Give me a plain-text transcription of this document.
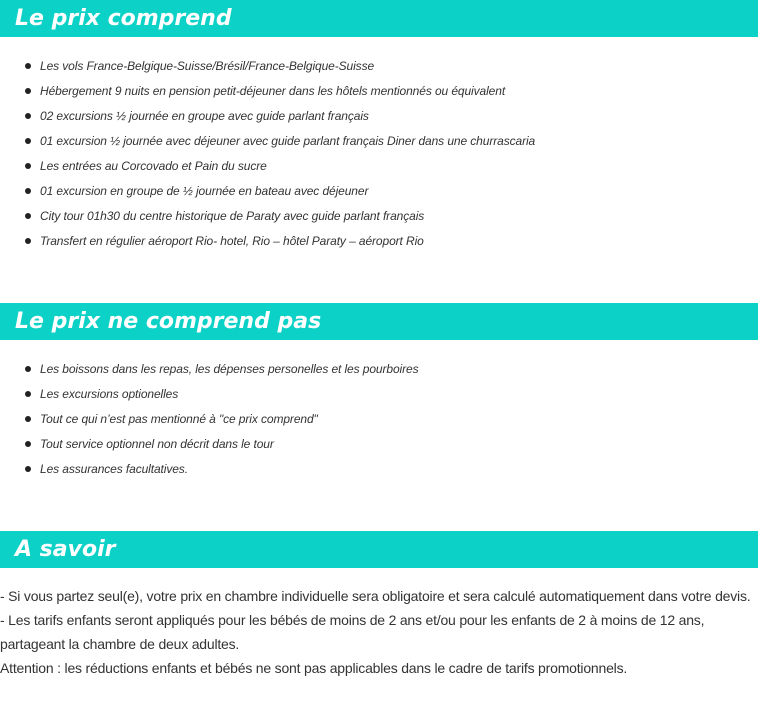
Le prix comprend
Les vols France-Belgique-Suisse/Brésil/France-Belgique-Suisse
Hébergement 9 nuits en pension petit-déjeuner dans les hôtels mentionnés ou équivalent
02 excursions ½ journée en groupe avec guide parlant français
01 excursion ½ journée avec déjeuner avec guide parlant français Diner dans une churrascaria
Les entrées au Corcovado et Pain du sucre
01 excursion en groupe de ½ journée en bateau avec déjeuner
City tour 01h30 du centre historique de Paraty avec guide parlant français
Transfert en régulier aéroport Rio- hotel, Rio – hôtel Paraty – aéroport Rio
Le prix ne comprend pas
Les boissons dans les repas, les dépenses personelles et les pourboires
Les excursions optionelles
Tout ce qui n’est pas mentionné à "ce prix comprend"
Tout service optionnel non décrit dans le tour
Les assurances facultatives.
A savoir

- Si vous partez seul(e), votre prix en chambre individuelle sera obligatoire et sera calculé automatiquement dans votre devis.

- Les tarifs enfants seront appliqués pour les bébés de moins de 2 ans et/ou pour les enfants de 2 à moins de 12 ans, partageant la chambre de deux adultes.

Attention : les réductions enfants et bébés ne sont pas applicables dans le cadre de tarifs promotionnels.
